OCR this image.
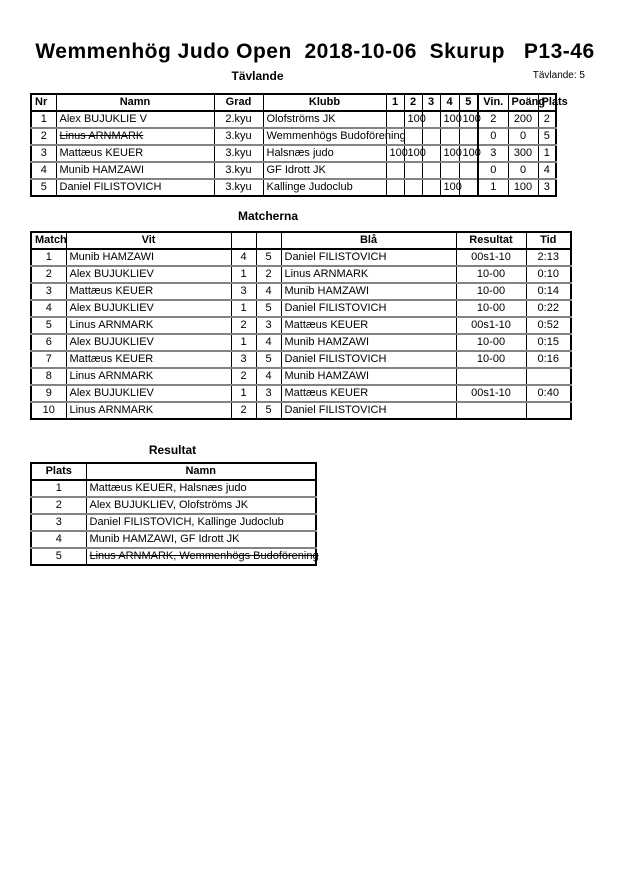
Wemmenhög Judo Open  2018-10-06  Skurup   P13-46
Tävlande	Tävlande: 5
Nr	Namn	Grad	Klubb	1	2	3	4	5	Vin.	Poäng	Plats
1	Alex BUJUKLIE V	2.kyu	Olofströms JK		100		100	100	2	200	2
2	Linus ARNMARK	3.kyu	Wemmenhögs Budoförening						0	0	5
3	Mattæus KEUER	3.kyu	Halsnæs judo	100	100		100	100	3	300	1
4	Munib HAMZAWI	3.kyu	GF Idrott JK						0	0	4
5	Daniel FILISTOVICH	3.kyu	Kallinge Judoclub				100		1	100	3
Matcherna
Match	Vit			Blå	Resultat	Tid
1	Munib HAMZAWI	4	5	Daniel FILISTOVICH	00s1-10	2:13
2	Alex BUJUKLIEV	1	2	Linus ARNMARK	10-00	0:10
3	Mattæus KEUER	3	4	Munib HAMZAWI	10-00	0:14
4	Alex BUJUKLIEV	1	5	Daniel FILISTOVICH	10-00	0:22
5	Linus ARNMARK	2	3	Mattæus KEUER	00s1-10	0:52
6	Alex BUJUKLIEV	1	4	Munib HAMZAWI	10-00	0:15
7	Mattæus KEUER	3	5	Daniel FILISTOVICH	10-00	0:16
8	Linus ARNMARK	2	4	Munib HAMZAWI		
9	Alex BUJUKLIEV	1	3	Mattæus KEUER	00s1-10	0:40
10	Linus ARNMARK	2	5	Daniel FILISTOVICH		
Resultat
Plats	Namn
1	Mattæus KEUER, Halsnæs judo
2	Alex BUJUKLIEV, Olofströms JK
3	Daniel FILISTOVICH, Kallinge Judoclub
4	Munib HAMZAWI, GF Idrott JK
5	Linus ARNMARK, Wemmenhögs Budoförening
